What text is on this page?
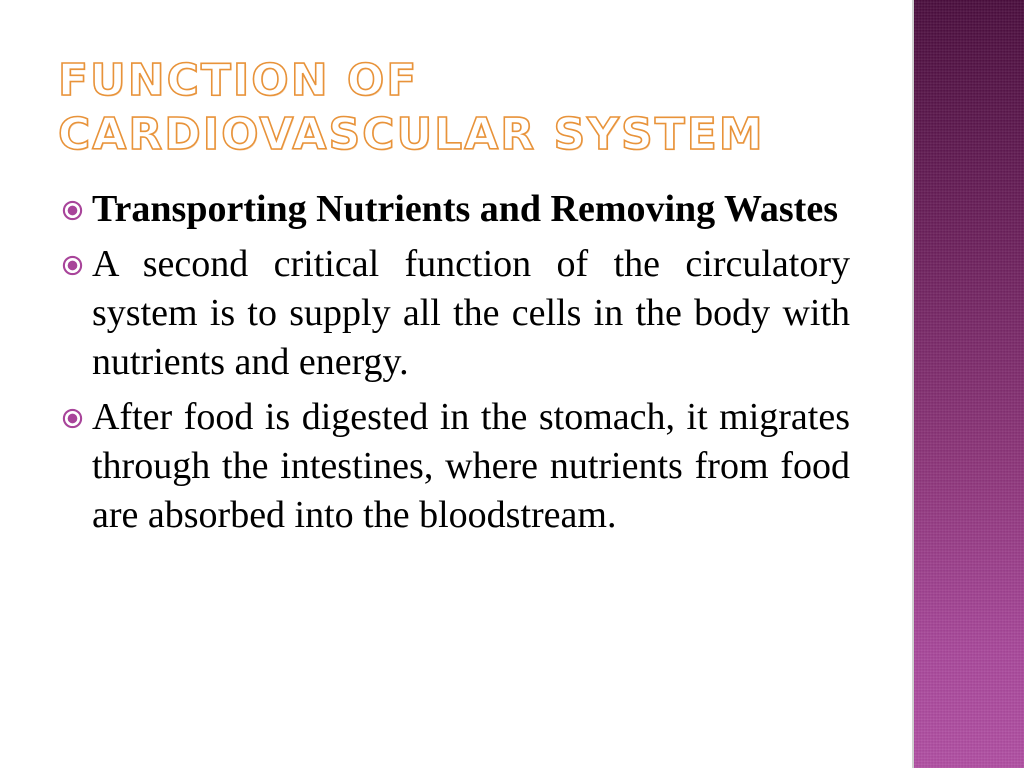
FUNCTION OF CARDIOVASCULAR SYSTEM
Transporting Nutrients and Removing Wastes
A second critical function of the circulatory system is to supply all the cells in the body with nutrients and energy.
After food is digested in the stomach, it migrates through the intestines, where nutrients from food are absorbed into the bloodstream.
